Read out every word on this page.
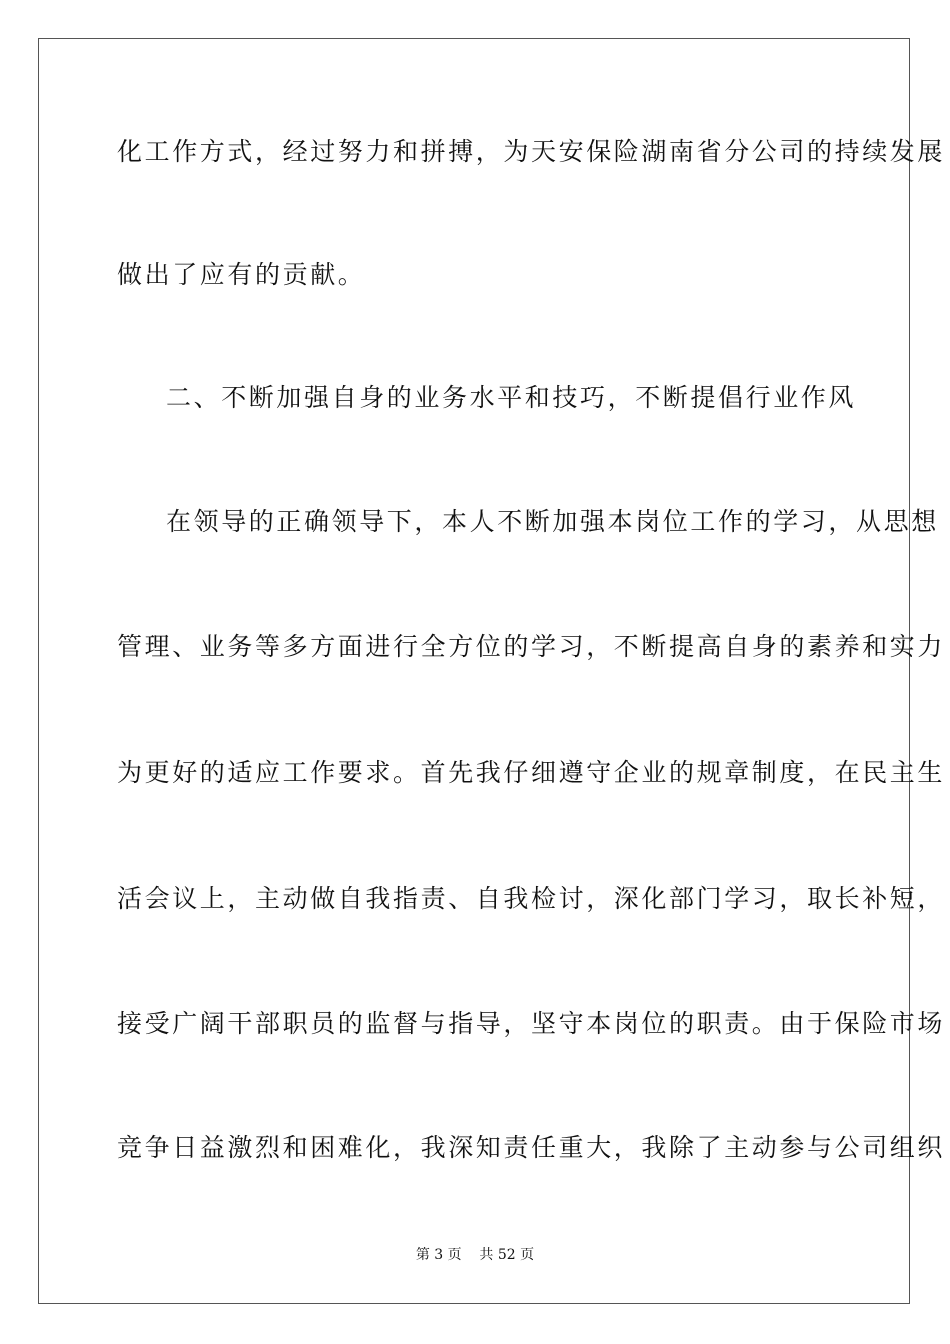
化工作方式，经过努力和拼搏，为天安保险湖南省分公司的持续发展
做出了应有的贡献。
二、不断加强自身的业务水平和技巧，不断提倡行业作风
在领导的正确领导下，本人不断加强本岗位工作的学习，从思想
管理、业务等多方面进行全方位的学习，不断提高自身的素养和实力
为更好的适应工作要求。首先我仔细遵守企业的规章制度，在民主生
活会议上，主动做自我指责、自我检讨，深化部门学习，取长补短，
接受广阔干部职员的监督与指导，坚守本岗位的职责。由于保险市场
竞争日益激烈和困难化，我深知责任重大，我除了主动参与公司组织
第 3 页    共 52 页
